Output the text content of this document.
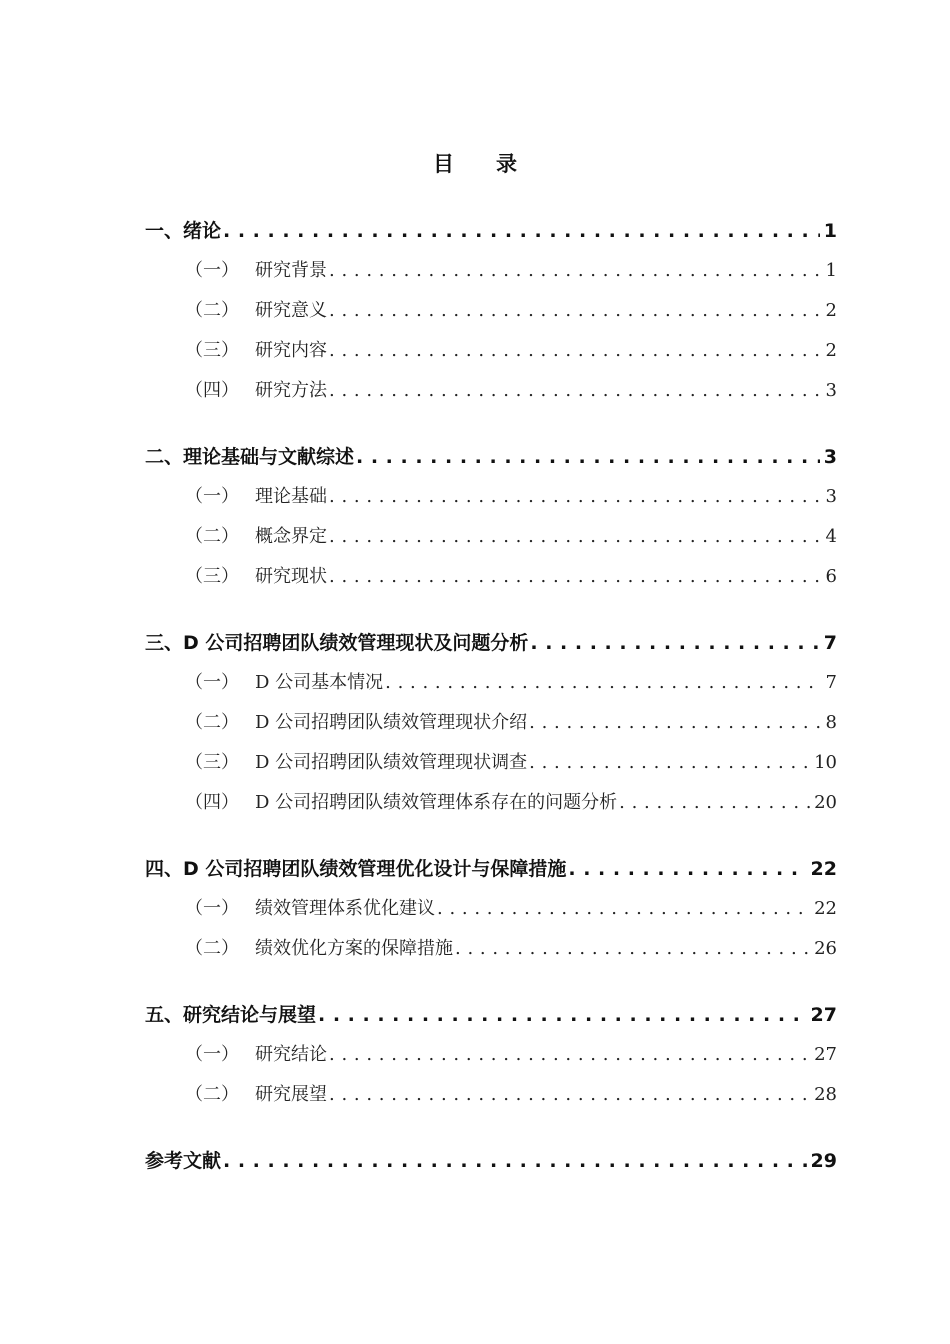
目 录
一、绪论 . . .	1
（一） 研究背景 . . .	1
（二） 研究意义 . . .	2
（三） 研究内容 . . .	2
（四） 研究方法 . . .	3
二、理论基础与文献综述 . . .	3
（一） 理论基础 . . .	3
（二） 概念界定 . . .	4
（三） 研究现状 . . .	6
三、D 公司招聘团队绩效管理现状及问题分析 . . .	7
（一） D 公司基本情况 . . .	7
（二） D 公司招聘团队绩效管理现状介绍 . . .	8
（三） D 公司招聘团队绩效管理现状调查 . . .	10
（四） D 公司招聘团队绩效管理体系存在的问题分析 . . .	20
四、D 公司招聘团队绩效管理优化设计与保障措施 . . .	22
（一） 绩效管理体系优化建议 . . .	22
（二） 绩效优化方案的保障措施 . . .	26
五、研究结论与展望 . . .	27
（一） 研究结论 . . .	27
（二） 研究展望 . . .	28
参考文献 . . .	29
